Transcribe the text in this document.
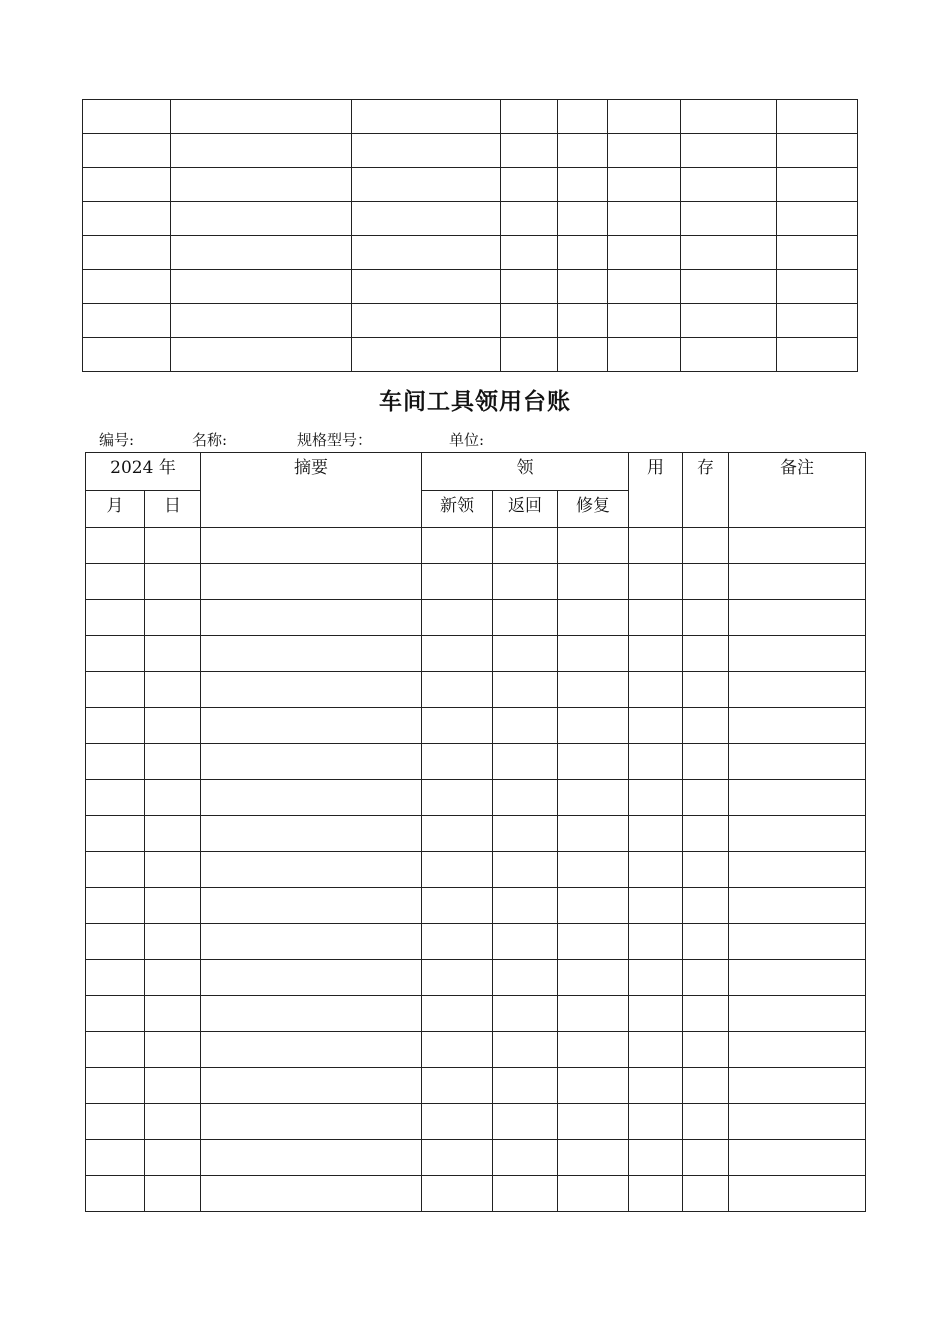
车间工具领用台账
编号:	名称:	规格型号：	单位:
2024 年		摘要	领			用	存	备注
月	日		新领	返回	修复			
